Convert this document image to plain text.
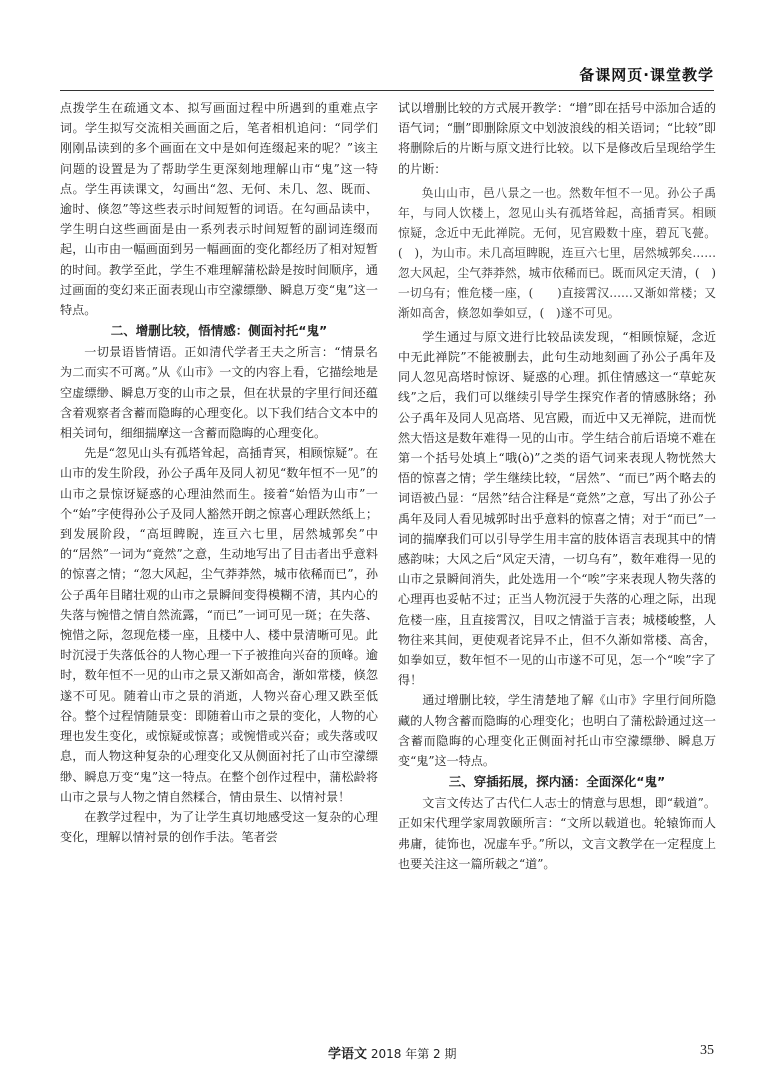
备课网页·课堂教学

点拨学生在疏通文本、拟写画面过程中所遇到的重难点字词。学生拟写交流相关画面之后，笔者相机追问：“同学们刚刚品读到的多个画面在文中是如何连缀起来的呢？”该主问题的设置是为了帮助学生更深刻地理解山市“鬼”这一特点。学生再读课文，勾画出“忽、无何、未几、忽、既而、逾时、倏忽”等这些表示时间短暂的词语。在勾画品读中，学生明白这些画面是由一系列表示时间短暂的副词连缀而起，山市由一幅画面到另一幅画面的变化都经历了相对短暂的时间。教学至此，学生不难理解蒲松龄是按时间顺序，通过画面的变幻来正面表现山市空濛缥缈、瞬息万变“鬼”这一特点。

二、增删比较，悟情感：侧面衬托“鬼”

一切景语皆情语。正如清代学者王夫之所言：“情景名为二而实不可离。”从《山市》一文的内容上看，它描绘地是空虚缥缈、瞬息万变的山市之景，但在状景的字里行间还蕴含着观察者含蓄而隐晦的心理变化。以下我们结合文本中的相关词句，细细揣摩这一含蓄而隐晦的心理变化。

先是“忽见山头有孤塔耸起，高插青冥，相顾惊疑”。在山市的发生阶段，孙公子禹年及同人初见“数年恒不一见”的山市之景惊讶疑惑的心理油然而生。接着“始悟为山市”一个“始”字使得孙公子及同人豁然开朗之惊喜心理跃然纸上；到发展阶段，“高垣睥睨，连亘六七里，居然城郭矣”中的“居然”一词为“竟然”之意，生动地写出了目击者出乎意料的惊喜之情；“忽大风起，尘气莽莽然，城市依稀而已”，孙公子禹年目睹壮观的山市之景瞬间变得模糊不清，其内心的失落与惋惜之情自然流露，“而已”一词可见一斑；在失落、惋惜之际，忽现危楼一座，且楼中人、楼中景清晰可见。此时沉浸于失落低谷的人物心理一下子被推向兴奋的顶峰。逾时，数年恒不一见的山市之景又渐如高舍，渐如常楼，倏忽遂不可见。随着山市之景的消逝，人物兴奋心理又跌至低谷。整个过程情随景变：即随着山市之景的变化，人物的心理也发生变化，或惊疑或惊喜；或惋惜或兴奋；或失落或叹息，而人物这种复杂的心理变化又从侧面衬托了山市空濛缥缈、瞬息万变“鬼”这一特点。在整个创作过程中，蒲松龄将山市之景与人物之情自然糅合，情由景生、以情衬景！

在教学过程中，为了让学生真切地感受这一复杂的心理变化，理解以情衬景的创作手法。笔者尝

试以增删比较的方式展开教学：“增”即在括号中添加合适的语气词；“删”即删除原文中划波浪线的相关语词；“比较”即将删除后的片断与原文进行比较。以下是修改后呈现给学生的片断：

奂山山市，邑八景之一也。然数年恒不一见。孙公子禹年，与同人饮楼上，忽见山头有孤塔耸起，高插青冥。相顾惊疑，念近中无此禅院。无何，见宫殿数十座，碧瓦飞甍。(　)，为山市。未几高垣睥睨，连亘六七里，居然城郭矣……忽大风起，尘气莽莽然，城市依稀而已。既而风定天清，(　)一切乌有；惟危楼一座，(　　)直接霄汉……又渐如常楼；又渐如高舍，倏忽如拳如豆，(　)遂不可见。

学生通过与原文进行比较品读发现，“相顾惊疑，念近中无此禅院”不能被删去，此句生动地刻画了孙公子禹年及同人忽见高塔时惊讶、疑惑的心理。抓住情感这一“草蛇灰线”之后，我们可以继续引导学生探究作者的情感脉络；孙公子禹年及同人见高塔、见宫殿，而近中又无禅院，进而恍然大悟这是数年难得一见的山市。学生结合前后语境不难在第一个括号处填上“哦(ò)”之类的语气词来表现人物恍然大悟的惊喜之情；学生继续比较，“居然”、“而已”两个略去的词语被凸显：“居然”结合注释是“竟然”之意，写出了孙公子禹年及同人看见城郭时出乎意料的惊喜之情；对于“而已”一词的揣摩我们可以引导学生用丰富的肢体语言表现其中的情感韵味；大风之后“风定天清，一切乌有”，数年难得一见的山市之景瞬间消失，此处选用一个“唉”字来表现人物失落的心理再也妥帖不过；正当人物沉浸于失落的心理之际，出现危楼一座，且直接霄汉，目叹之情溢于言表；城楼峻整，人物往来其间，更使观者诧异不止，但不久渐如常楼、高舍，如拳如豆，数年恒不一见的山市遂不可见，怎一个“唉”字了得！

通过增删比较，学生清楚地了解《山市》字里行间所隐藏的人物含蓄而隐晦的心理变化；也明白了蒲松龄通过这一含蓄而隐晦的心理变化正侧面衬托山市空濛缥缈、瞬息万变“鬼”这一特点。

三、穿插拓展，探内涵：全面深化“鬼”

文言文传达了古代仁人志士的情意与思想，即“载道”。正如宋代理学家周敦颐所言：“文所以载道也。轮辕饰而人弗庸，徒饰也，况虚车乎。”所以，文言文教学在一定程度上也要关注这一篇所载之“道”。

学语文 2018 年第 2 期	35
